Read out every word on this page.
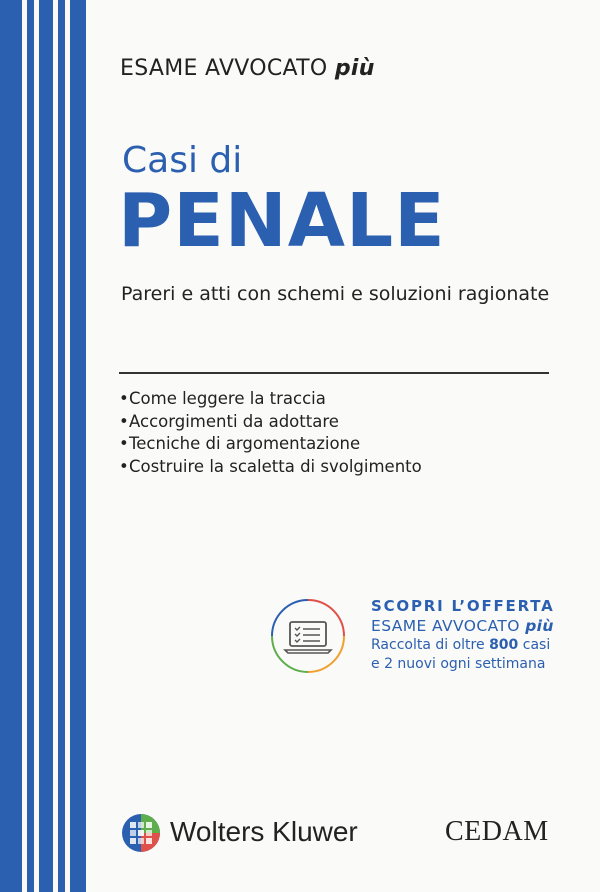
ESAME AVVOCATO più
Casi di
PENALE
Pareri e atti con schemi e soluzioni ragionate
•Come leggere la traccia
•Accorgimenti da adottare
•Tecniche di argomentazione
•Costruire la scaletta di svolgimento
SCOPRI L’OFFERTA
ESAME AVVOCATO più
Raccolta di oltre 800 casi
e 2 nuovi ogni settimana
Wolters Kluwer	CEDAM
